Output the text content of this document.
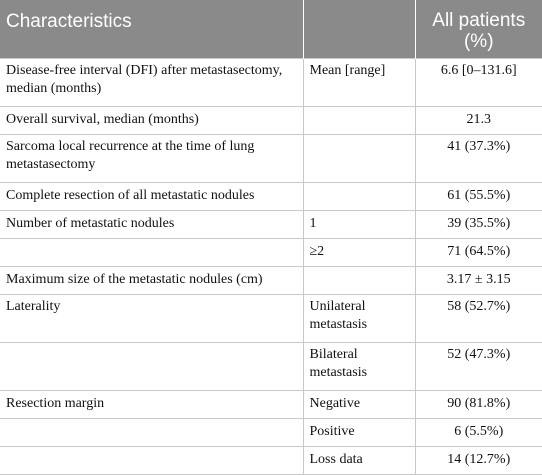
Characteristics		All patients
(%)
Disease-free interval (DFI) after metastasectomy, median (months)	Mean [range]	6.6 [0–131.6]
Overall survival, median (months)		21.3
Sarcoma local recurrence at the time of lung metastasectomy		41 (37.3%)
Complete resection of all metastatic nodules		61 (55.5%)
Number of metastatic nodules	1	39 (35.5%)
	≥2	71 (64.5%)
Maximum size of the metastatic nodules (cm)		3.17 ± 3.15
Laterality	Unilateral metastasis	58 (52.7%)
	Bilateral metastasis	52 (47.3%)
Resection margin	Negative	90 (81.8%)
	Positive	6 (5.5%)
	Loss data	14 (12.7%)
